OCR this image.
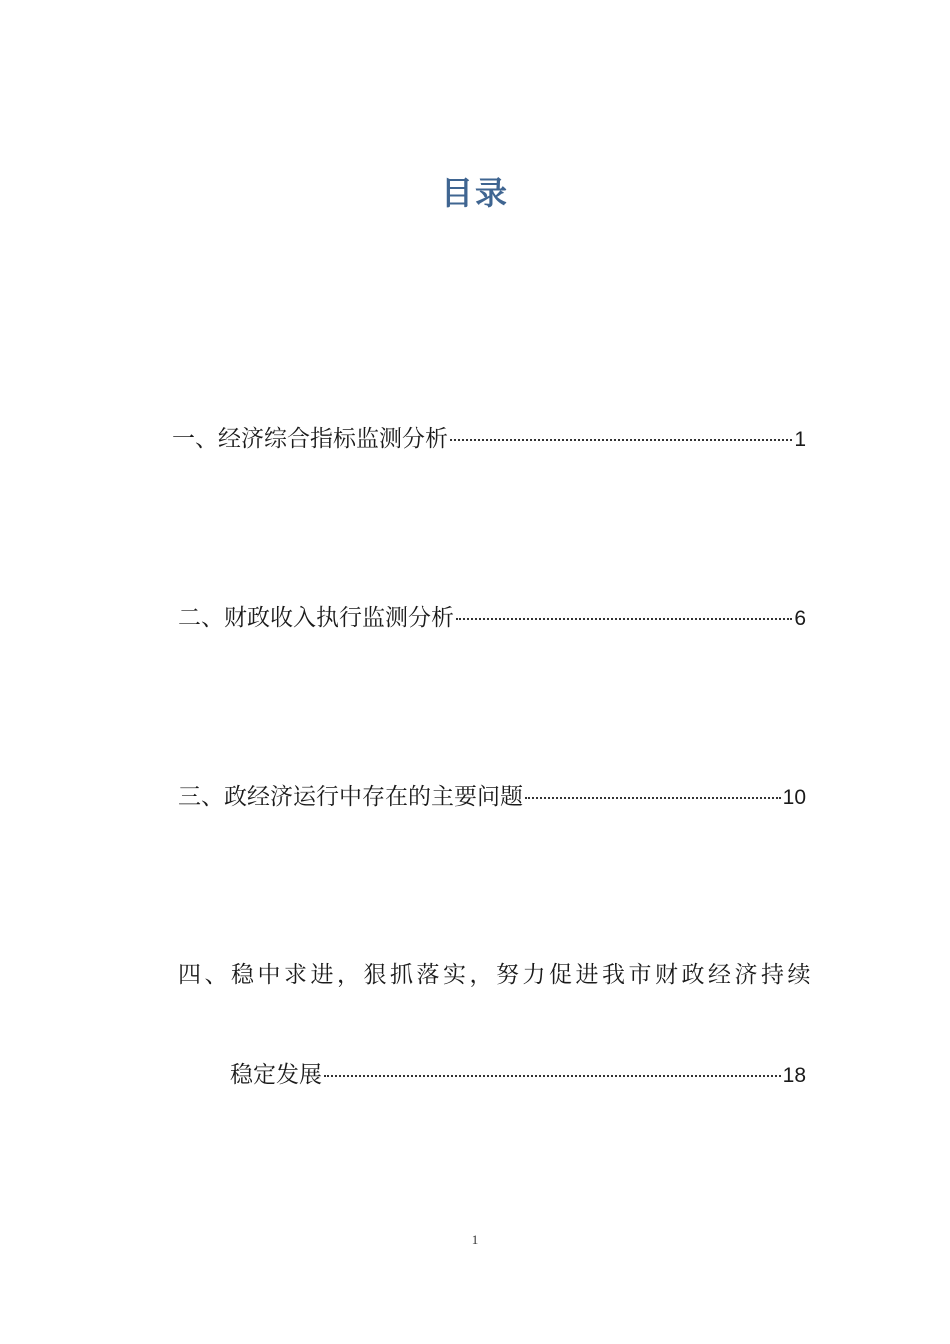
目录
一、经济综合指标监测分析	1
二、财政收入执行监测分析	6
三、政经济运行中存在的主要问题	10
四、稳中求进，狠抓落实，努力促进我市财政经济持续
稳定发展	18
1
